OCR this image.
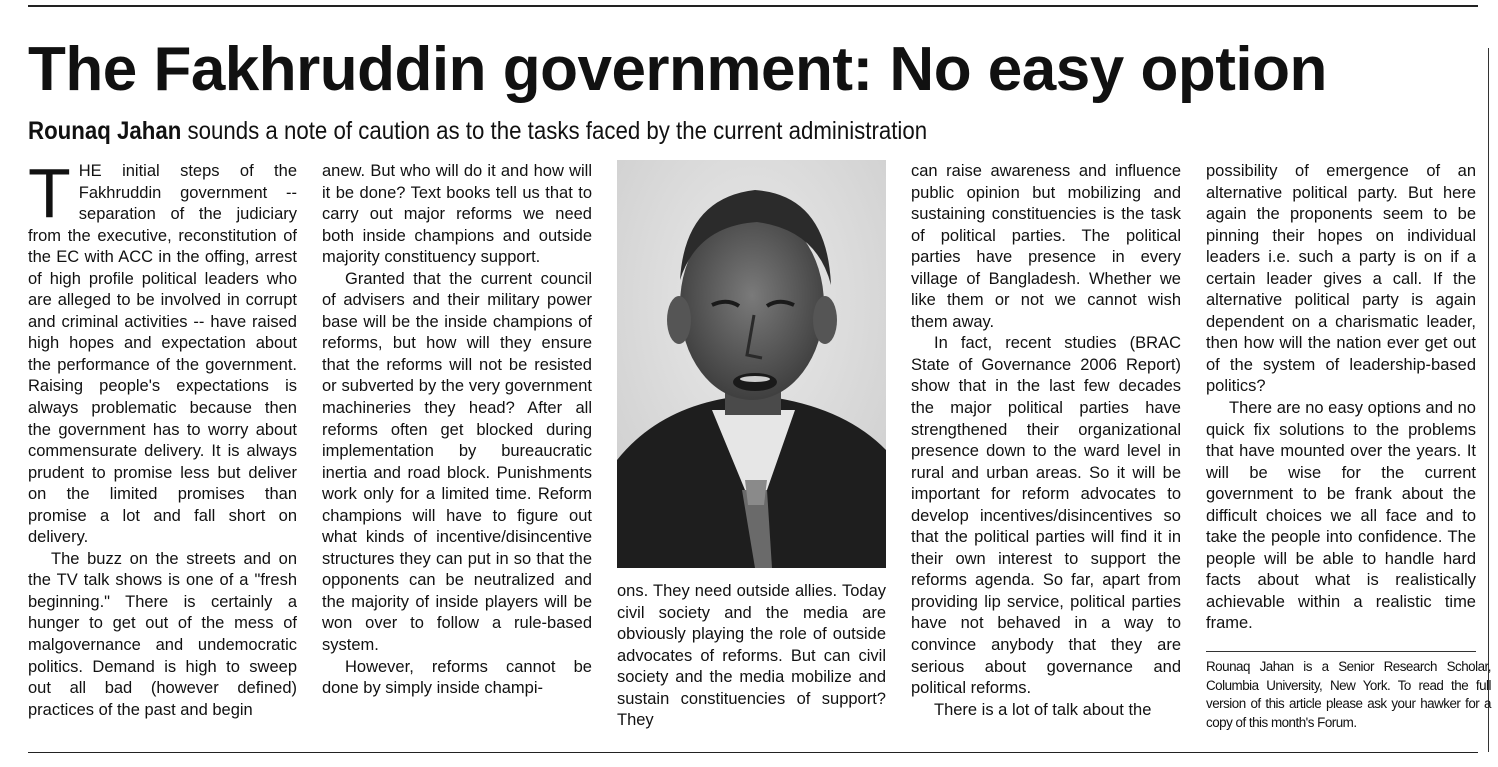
The Fakhruddin government: No easy option
Rounaq Jahan sounds a note of caution as to the tasks faced by the current administration

THE initial steps of the Fakhruddin government -- separation of the judiciary from the executive, reconstitution of the EC with ACC in the offing, arrest of high profile political leaders who are alleged to be involved in corrupt and criminal activities -- have raised high hopes and expectation about the performance of the government. Raising people's expectations is always problematic because then the government has to worry about commensurate delivery. It is always prudent to promise less but deliver on the limited promises than promise a lot and fall short on delivery.

The buzz on the streets and on the TV talk shows is one of a "fresh beginning." There is certainly a hunger to get out of the mess of malgovernance and undemocratic politics. Demand is high to sweep out all bad (however defined) practices of the past and begin

anew. But who will do it and how will it be done? Text books tell us that to carry out major reforms we need both inside champions and outside majority constituency support.

Granted that the current council of advisers and their military power base will be the inside champions of reforms, but how will they ensure that the reforms will not be resisted or subverted by the very government machineries they head? After all reforms often get blocked during implementation by bureaucratic inertia and road block. Punishments work only for a limited time. Reform champions will have to figure out what kinds of incentive/disincentive structures they can put in so that the opponents can be neutralized and the majority of inside players will be won over to follow a rule-based system.

However, reforms cannot be done by simply inside champi-

ons. They need outside allies. Today civil society and the media are obviously playing the role of outside advocates of reforms. But can civil society and the media mobilize and sustain constituencies of support? They

can raise awareness and influence public opinion but mobilizing and sustaining constituencies is the task of political parties. The political parties have presence in every village of Bangladesh. Whether we like them or not we cannot wish them away.

In fact, recent studies (BRAC State of Governance 2006 Report) show that in the last few decades the major political parties have strengthened their organizational presence down to the ward level in rural and urban areas. So it will be important for reform advocates to develop incentives/disincentives so that the political parties will find it in their own interest to support the reforms agenda. So far, apart from providing lip service, political parties have not behaved in a way to convince anybody that they are serious about governance and political reforms.

There is a lot of talk about the

possibility of emergence of an alternative political party. But here again the proponents seem to be pinning their hopes on individual leaders i.e. such a party is on if a certain leader gives a call. If the alternative political party is again dependent on a charismatic leader, then how will the nation ever get out of the system of leadership-based politics?

There are no easy options and no quick fix solutions to the problems that have mounted over the years. It will be wise for the current government to be frank about the difficult choices we all face and to take the people into confidence. The people will be able to handle hard facts about what is realistically achievable within a realistic time frame.

Rounaq Jahan is a Senior Research Scholar, Columbia University, New York. To read the full version of this article please ask your hawker for a copy of this month's Forum.
